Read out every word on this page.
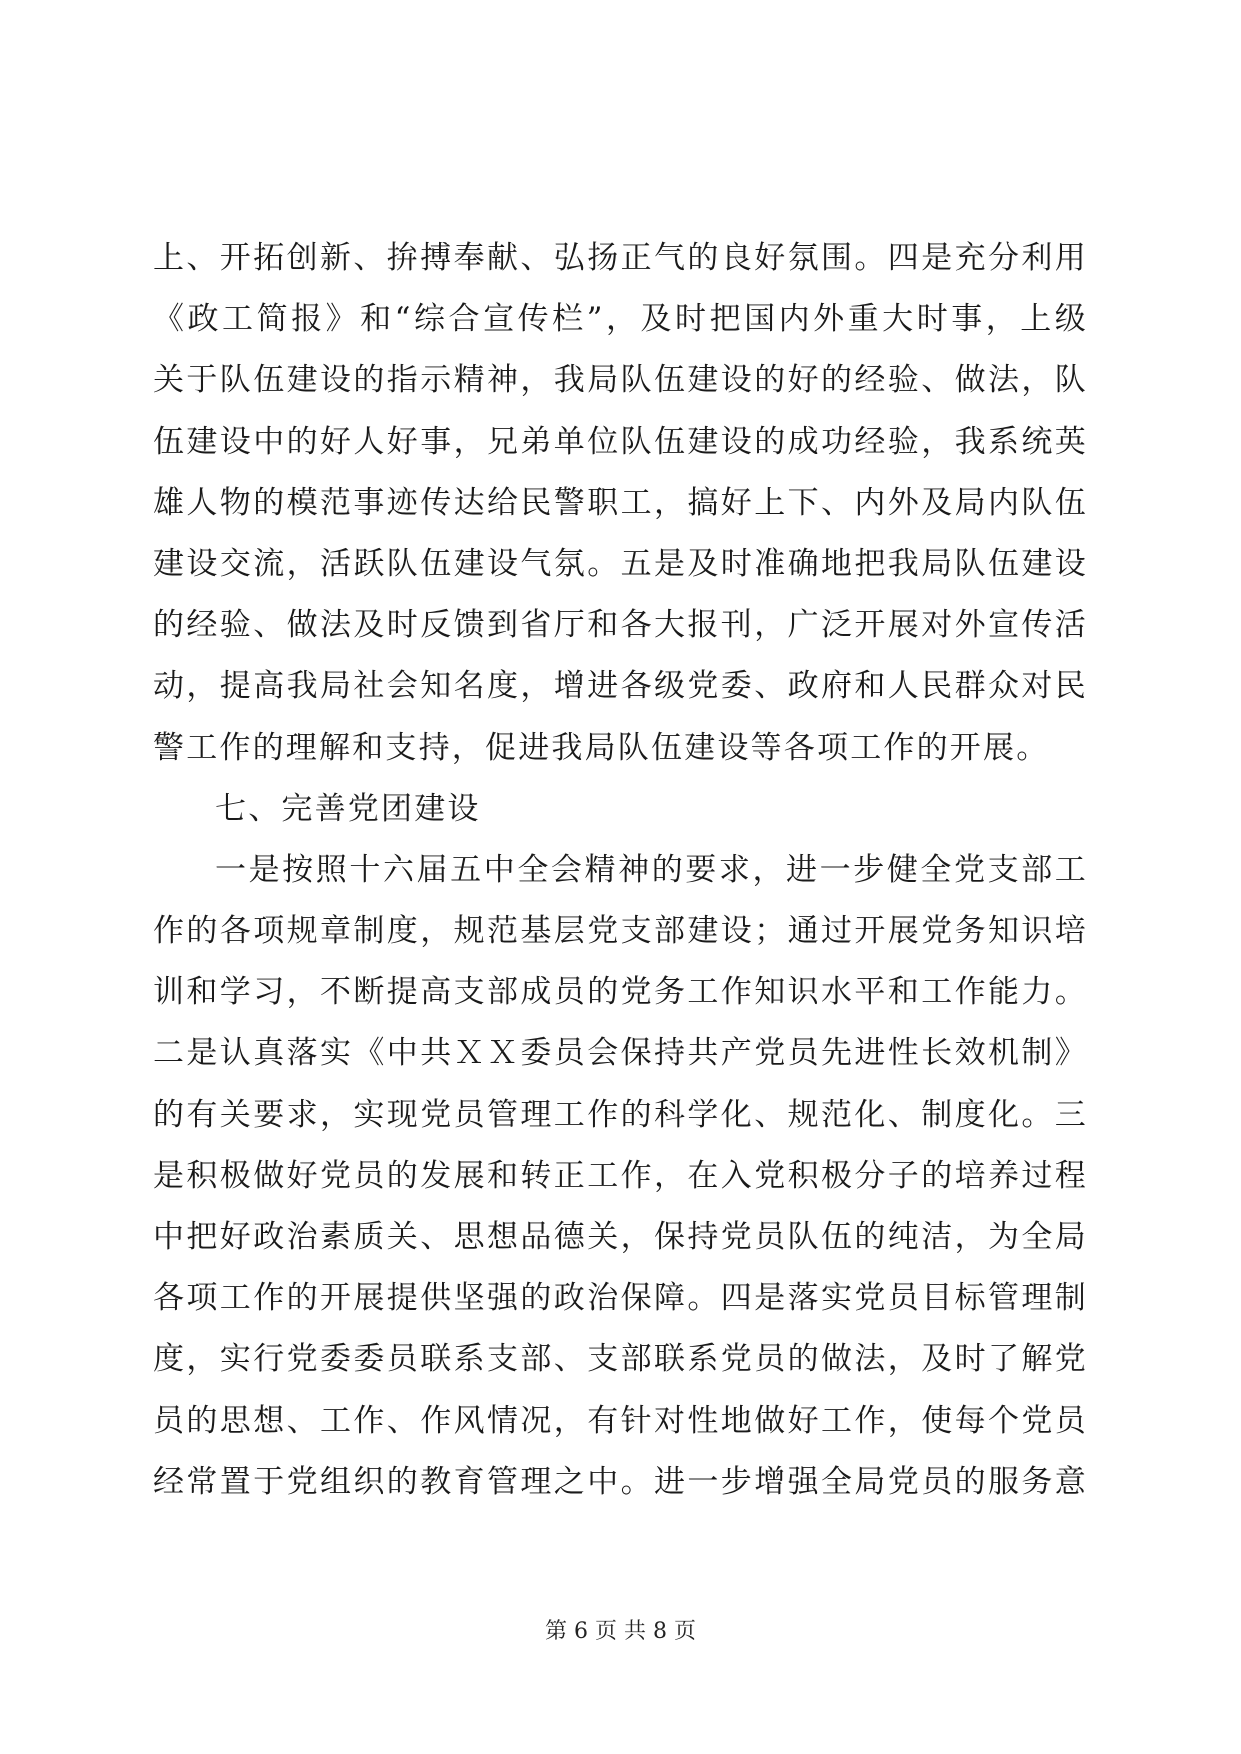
上、开拓创新、拚搏奉献、弘扬正气的良好氛围。四是充分利用
《政工简报》和“综合宣传栏”，及时把国内外重大时事，上级
关于队伍建设的指示精神，我局队伍建设的好的经验、做法，队
伍建设中的好人好事，兄弟单位队伍建设的成功经验，我系统英
雄人物的模范事迹传达给民警职工，搞好上下、内外及局内队伍
建设交流，活跃队伍建设气氛。五是及时准确地把我局队伍建设
的经验、做法及时反馈到省厅和各大报刊，广泛开展对外宣传活
动，提高我局社会知名度，增进各级党委、政府和人民群众对民
警工作的理解和支持，促进我局队伍建设等各项工作的开展。
七、完善党团建设
一是按照十六届五中全会精神的要求，进一步健全党支部工
作的各项规章制度，规范基层党支部建设；通过开展党务知识培
训和学习，不断提高支部成员的党务工作知识水平和工作能力。
二是认真落实《中共ＸＸ委员会保持共产党员先进性长效机制》
的有关要求，实现党员管理工作的科学化、规范化、制度化。三
是积极做好党员的发展和转正工作，在入党积极分子的培养过程
中把好政治素质关、思想品德关，保持党员队伍的纯洁，为全局
各项工作的开展提供坚强的政治保障。四是落实党员目标管理制
度，实行党委委员联系支部、支部联系党员的做法，及时了解党
员的思想、工作、作风情况，有针对性地做好工作，使每个党员
经常置于党组织的教育管理之中。进一步增强全局党员的服务意
第 6 页 共 8 页
